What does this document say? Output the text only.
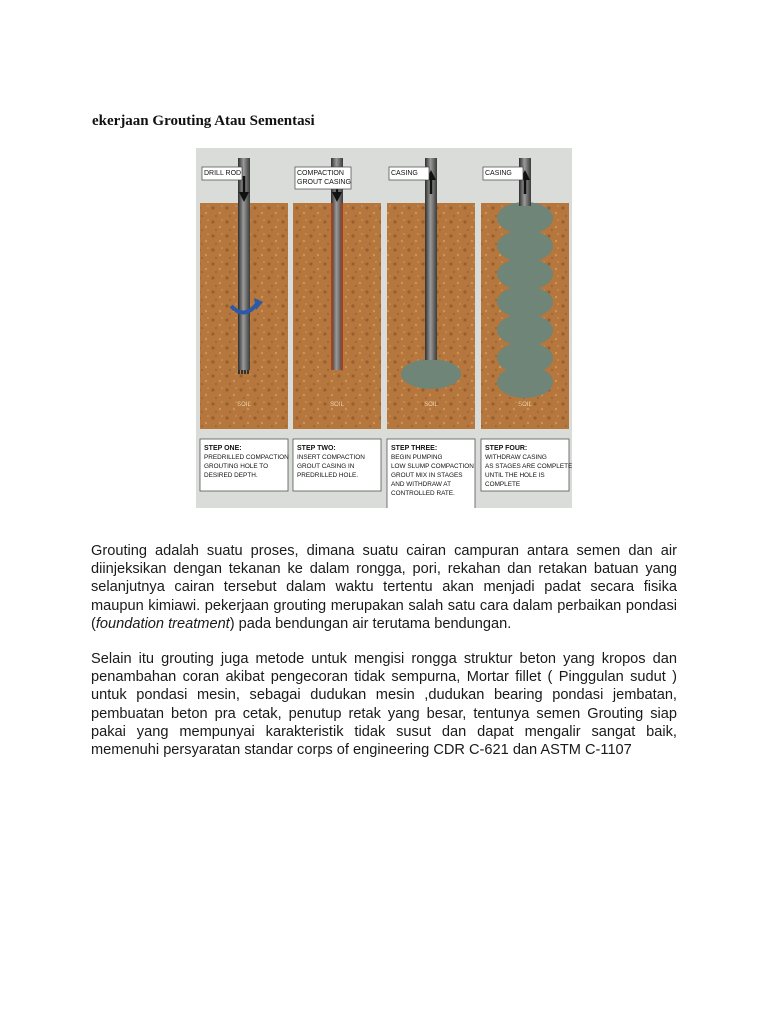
ekerjaan Grouting Atau Sementasi
DRILL ROD
SOIL
STEP ONE:
PREDRILLED COMPACTION
GROUTING HOLE TO
DESIRED DEPTH.
COMPACTION
GROUT CASING
SOIL
STEP TWO:
INSERT COMPACTION
GROUT CASING IN
PREDRILLED HOLE.
CASING
SOIL
STEP THREE:
BEGIN PUMPING
LOW SLUMP COMPACTION
GROUT MIX IN STAGES
AND WITHDRAW AT
CONTROLLED RATE.
CASING
SOIL
STEP FOUR:
WITHDRAW CASING
AS STAGES ARE COMPLETE
UNTIL THE HOLE IS
COMPLETE

Grouting adalah suatu proses, dimana suatu cairan campuran antara semen dan air diinjeksikan dengan tekanan ke dalam rongga, pori, rekahan dan retakan batuan yang selanjutnya cairan tersebut dalam waktu tertentu akan menjadi padat secara fisika maupun kimiawi. pekerjaan grouting merupakan salah satu cara dalam perbaikan pondasi (foundation treatment) pada bendungan air terutama bendungan.

Selain itu grouting juga metode untuk mengisi rongga struktur beton yang kropos dan penambahan coran akibat pengecoran tidak sempurna, Mortar fillet ( Pinggulan sudut ) untuk pondasi mesin, sebagai dudukan mesin ,dudukan bearing pondasi jembatan, pembuatan beton pra cetak, penutup retak yang besar, tentunya semen Grouting siap pakai yang mempunyai karakteristik tidak susut dan dapat mengalir sangat baik, memenuhi persyaratan standar corps of engineering CDR C-621 dan ASTM C-1107
